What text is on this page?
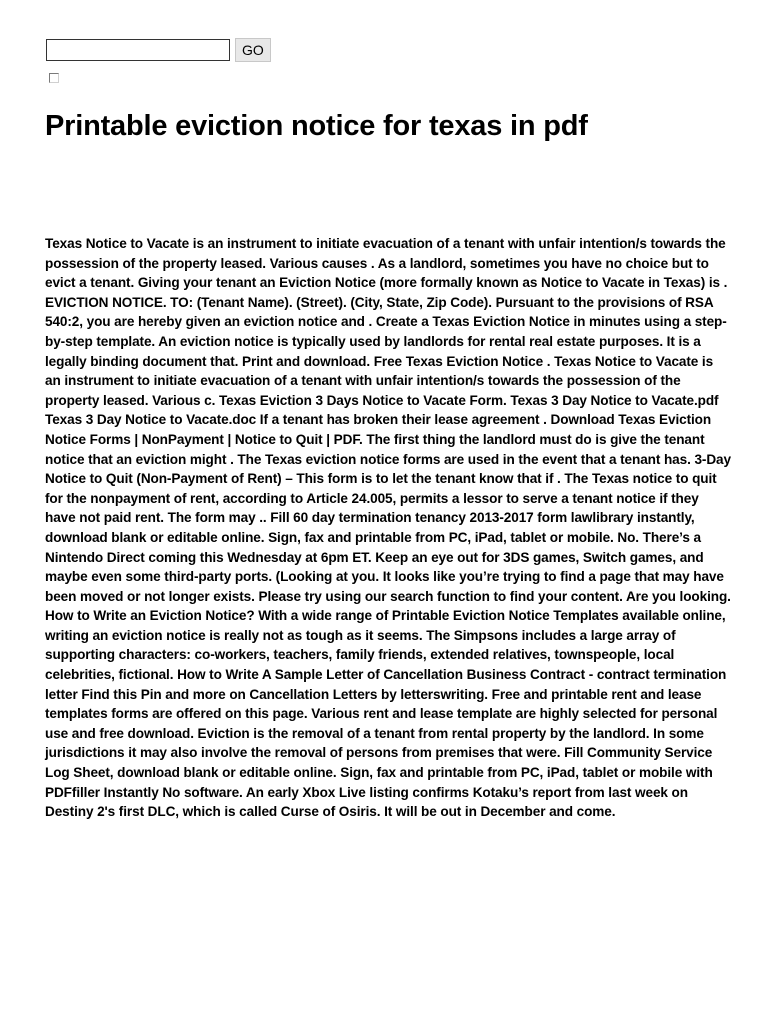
GO
Printable eviction notice for texas in pdf

Texas Notice to Vacate is an instrument to initiate evacuation of a tenant with unfair intention/s towards the possession of the property leased. Various causes . As a landlord, sometimes you have no choice but to evict a tenant. Giving your tenant an Eviction Notice (more formally known as Notice to Vacate in Texas) is . EVICTION NOTICE. TO: (Tenant Name). (Street). (City, State, Zip Code). Pursuant to the provisions of RSA 540:2, you are hereby given an eviction notice and . Create a Texas Eviction Notice in minutes using a step-by-step template. An eviction notice is typically used by landlords for rental real estate purposes. It is a legally binding document that. Print and download. Free Texas Eviction Notice . Texas Notice to Vacate is an instrument to initiate evacuation of a tenant with unfair intention/s towards the possession of the property leased. Various c. Texas Eviction 3 Days Notice to Vacate Form. Texas 3 Day Notice to Vacate.pdf Texas 3 Day Notice to Vacate.doc If a tenant has broken their lease agreement . Download Texas Eviction Notice Forms | NonPayment | Notice to Quit | PDF. The first thing the landlord must do is give the tenant notice that an eviction might . The Texas eviction notice forms are used in the event that a tenant has. 3-Day Notice to Quit (Non-Payment of Rent) – This form is to let the tenant know that if . The Texas notice to quit for the nonpayment of rent, according to Article 24.005, permits a lessor to serve a tenant notice if they have not paid rent. The form may .. Fill 60 day termination tenancy 2013-2017 form lawlibrary instantly, download blank or editable online. Sign, fax and printable from PC, iPad, tablet or mobile. No. There’s a Nintendo Direct coming this Wednesday at 6pm ET. Keep an eye out for 3DS games, Switch games, and maybe even some third-party ports. (Looking at you. It looks like you’re trying to find a page that may have been moved or not longer exists. Please try using our search function to find your content. Are you looking. How to Write an Eviction Notice? With a wide range of Printable Eviction Notice Templates available online, writing an eviction notice is really not as tough as it seems. The Simpsons includes a large array of supporting characters: co-workers, teachers, family friends, extended relatives, townspeople, local celebrities, fictional. How to Write A Sample Letter of Cancellation Business Contract - contract termination letter Find this Pin and more on Cancellation Letters by letterswriting. Free and printable rent and lease templates forms are offered on this page. Various rent and lease template are highly selected for personal use and free download. Eviction is the removal of a tenant from rental property by the landlord. In some jurisdictions it may also involve the removal of persons from premises that were. Fill Community Service Log Sheet, download blank or editable online. Sign, fax and printable from PC, iPad, tablet or mobile with PDFfiller Instantly No software. An early Xbox Live listing confirms Kotaku’s report from last week on Destiny 2's first DLC, which is called Curse of Osiris. It will be out in December and come.
